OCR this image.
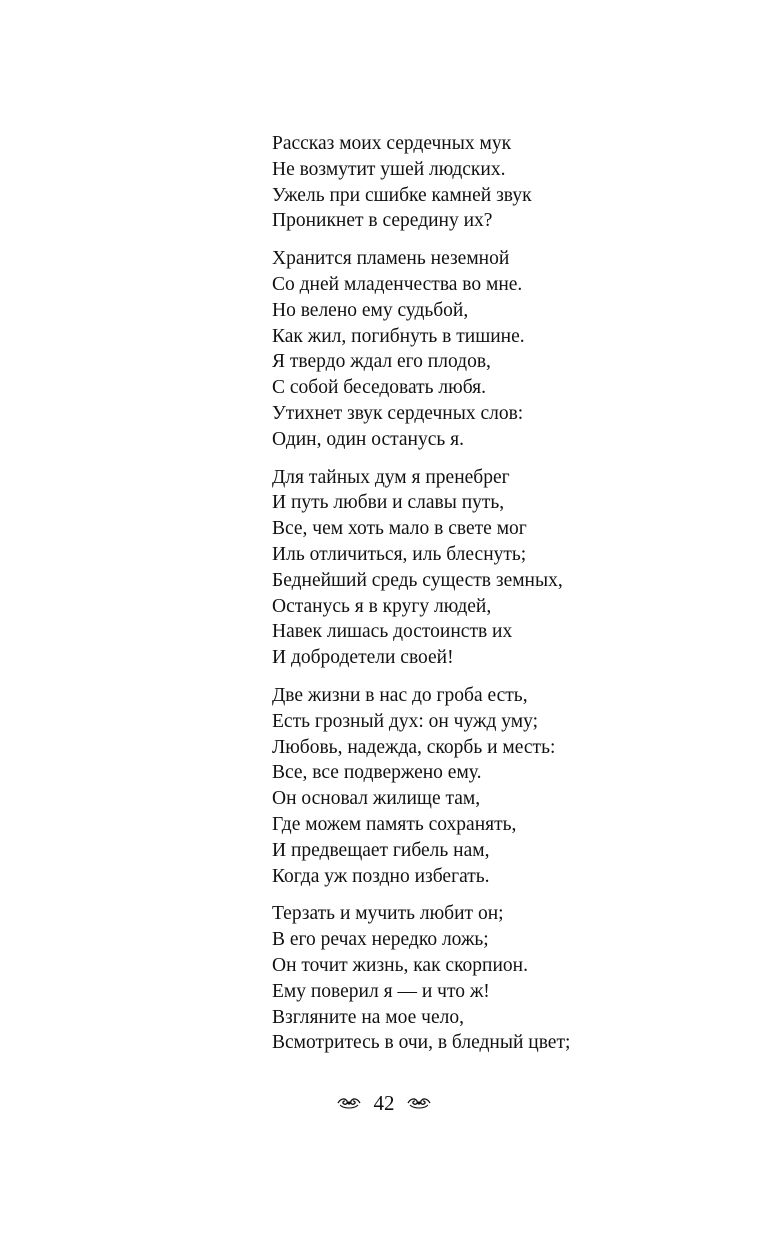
Рассказ моих сердечных мук
Не возмутит ушей людских.
Ужель при сшибке камней звук
Проникнет в середину их?
Хранится пламень неземной
Со дней младенчества во мне.
Но велено ему судьбой,
Как жил, погибнуть в тишине.
Я твердо ждал его плодов,
С собой беседовать любя.
Утихнет звук сердечных слов:
Один, один останусь я.
Для тайных дум я пренебрег
И путь любви и славы путь,
Все, чем хоть мало в свете мог
Иль отличиться, иль блеснуть;
Беднейший средь существ земных,
Останусь я в кругу людей,
Навек лишась достоинств их
И добродетели своей!
Две жизни в нас до гроба есть,
Есть грозный дух: он чужд уму;
Любовь, надежда, скорбь и месть:
Все, все подвержено ему.
Он основал жилище там,
Где можем память сохранять,
И предвещает гибель нам,
Когда уж поздно избегать.
Терзать и мучить любит он;
В его речах нередко ложь;
Он точит жизнь, как скорпион.
Ему поверил я — и что ж!
Взгляните на мое чело,
Всмотритесь в очи, в бледный цвет;
42
